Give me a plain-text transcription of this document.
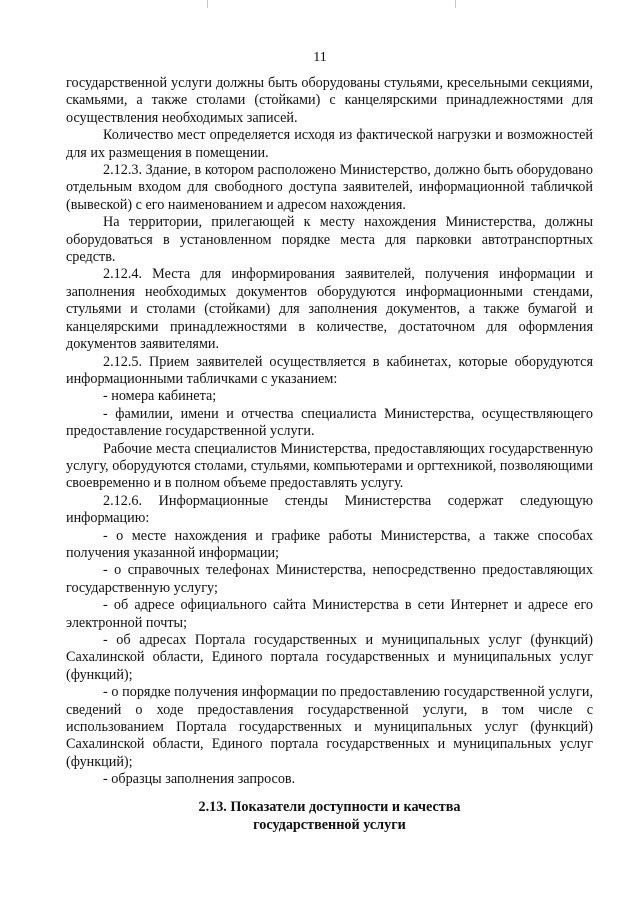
11

государственной услуги должны быть оборудованы стульями, кресельными секциями, скамьями, а также столами (стойками) с канцелярскими принадлежностями для осуществления необходимых записей.

Количество мест определяется исходя из фактической нагрузки и возможностей для их размещения в помещении.

2.12.3. Здание, в котором расположено Министерство, должно быть оборудовано отдельным входом для свободного доступа заявителей, информационной табличкой (вывеской) с его наименованием и адресом нахождения.

На территории, прилегающей к месту нахождения Министерства, должны оборудоваться в установленном порядке места для парковки автотранспортных средств.

2.12.4. Места для информирования заявителей, получения информации и заполнения необходимых документов оборудуются информационными стендами, стульями и столами (стойками) для заполнения документов, а также бумагой и канцелярскими принадлежностями в количестве, достаточном для оформления документов заявителями.

2.12.5. Прием заявителей осуществляется в кабинетах, которые оборудуются информационными табличками с указанием:

- номера кабинета;

- фамилии, имени и отчества специалиста Министерства, осуществляющего предоставление государственной услуги.

Рабочие места специалистов Министерства, предоставляющих государственную услугу, оборудуются столами, стульями, компьютерами и оргтехникой, позволяющими своевременно и в полном объеме предоставлять услугу.

2.12.6. Информационные стенды Министерства содержат следующую информацию:

- о месте нахождения и графике работы Министерства, а также способах получения указанной информации;

- о справочных телефонах Министерства, непосредственно предоставляющих государственную услугу;

- об адресе официального сайта Министерства в сети Интернет и адресе его электронной почты;

- об адресах Портала государственных и муниципальных услуг (функций) Сахалинской области, Единого портала государственных и муниципальных услуг (функций);

- о порядке получения информации по предоставлению государственной услуги, сведений о ходе предоставления государственной услуги, в том числе с использованием Портала государственных и муниципальных услуг (функций) Сахалинской области, Единого портала государственных и муниципальных услуг (функций);

- образцы заполнения запросов.

2.13. Показатели доступности и качества
государственной услуги
